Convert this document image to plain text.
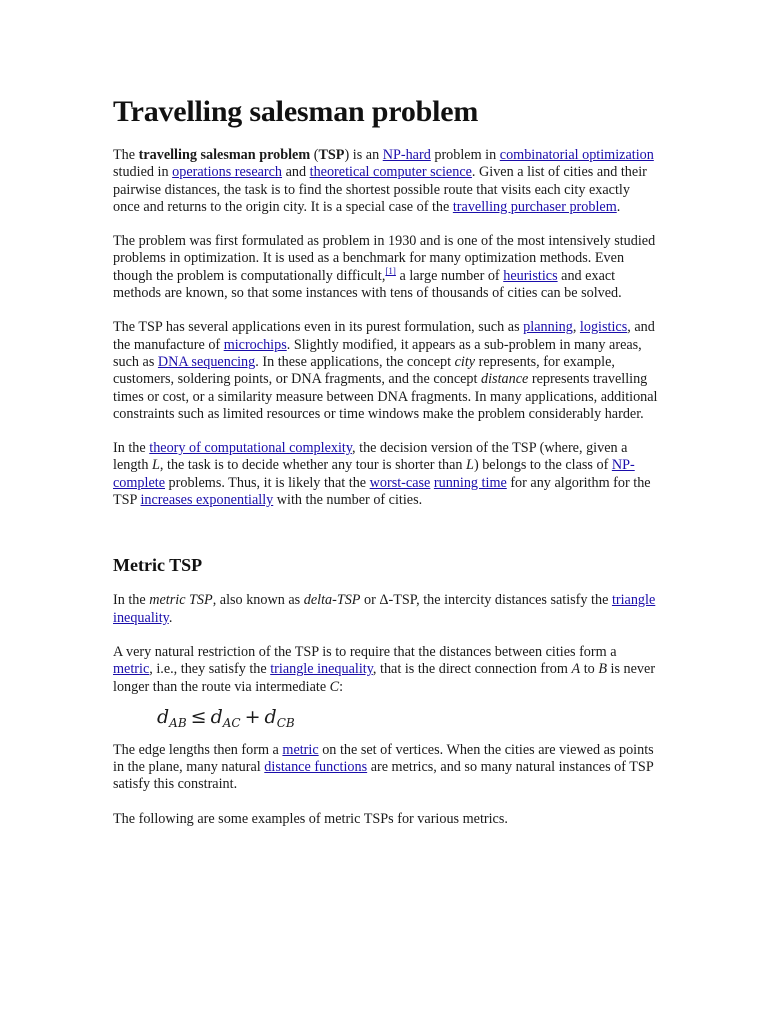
Travelling salesman problem

The travelling salesman problem (TSP) is an NP-hard problem in combinatorial optimization studied in operations research and theoretical computer science. Given a list of cities and their pairwise distances, the task is to find the shortest possible route that visits each city exactly once and returns to the origin city. It is a special case of the travelling purchaser problem.

The problem was first formulated as problem in 1930 and is one of the most intensively studied problems in optimization. It is used as a benchmark for many optimization methods. Even though the problem is computationally difficult,[1] a large number of heuristics and exact methods are known, so that some instances with tens of thousands of cities can be solved.

The TSP has several applications even in its purest formulation, such as planning, logistics, and the manufacture of microchips. Slightly modified, it appears as a sub-problem in many areas, such as DNA sequencing. In these applications, the concept city represents, for example, customers, soldering points, or DNA fragments, and the concept distance represents travelling times or cost, or a similarity measure between DNA fragments. In many applications, additional constraints such as limited resources or time windows make the problem considerably harder.

In the theory of computational complexity, the decision version of the TSP (where, given a length L, the task is to decide whether any tour is shorter than L) belongs to the class of NP-complete problems. Thus, it is likely that the worst-case running time for any algorithm for the TSP increases exponentially with the number of cities.

Metric TSP

In the metric TSP, also known as delta-TSP or Δ-TSP, the intercity distances satisfy the triangle inequality.

A very natural restriction of the TSP is to require that the distances between cities form a metric, i.e., they satisfy the triangle inequality, that is the direct connection from A to B is never longer than the route via intermediate C:

$d_{AB} \le d_{AC} + d_{CB}$

The edge lengths then form a metric on the set of vertices. When the cities are viewed as points in the plane, many natural distance functions are metrics, and so many natural instances of TSP satisfy this constraint.

The following are some examples of metric TSPs for various metrics.
